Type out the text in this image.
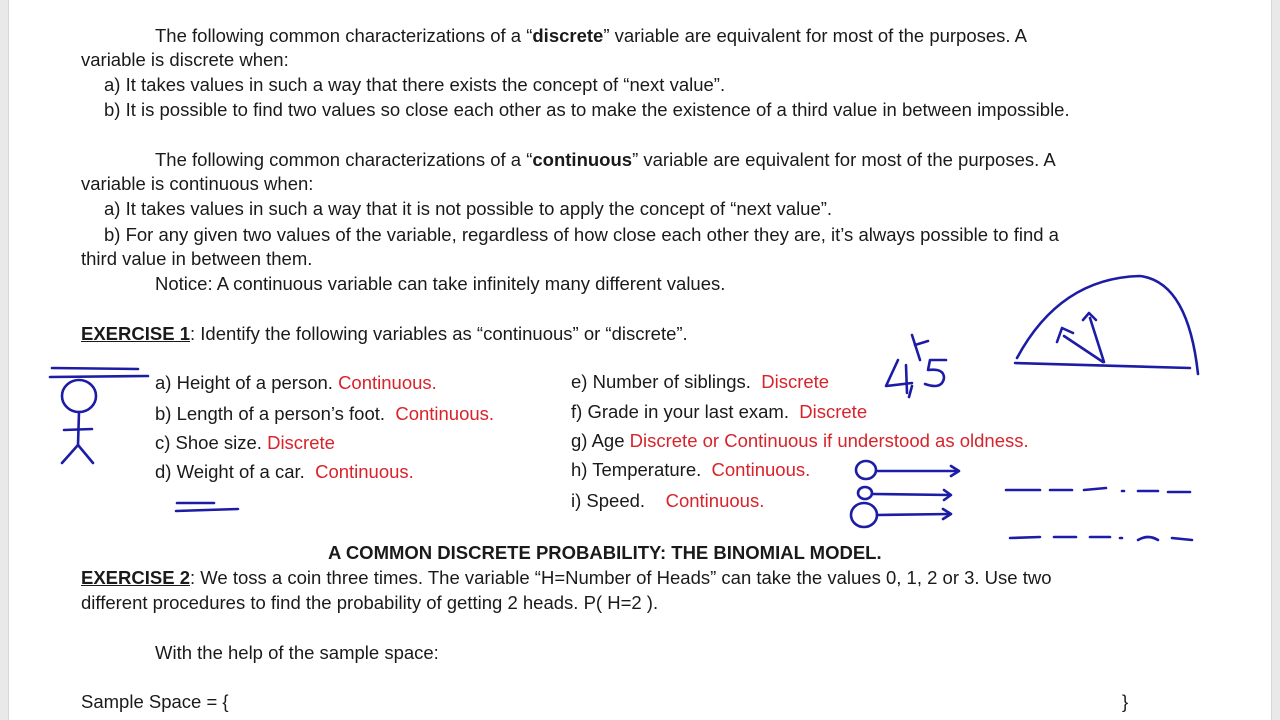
The following common characterizations of a “discrete” variable are equivalent for most of the purposes. A
variable is discrete when:
a) It takes values in such a way that there exists the concept of “next value”.
b) It is possible to find two values so close each other as to make the existence of a third value in between impossible.
The following common characterizations of a “continuous” variable are equivalent for most of the purposes. A
variable is continuous when:
a) It takes values in such a way that it is not possible to apply the concept of “next value”.
b) For any given two values of the variable, regardless of how close each other they are, it’s always possible to find a
third value in between them.
Notice: A continuous variable can take infinitely many different values.
EXERCISE 1: Identify the following variables as “continuous” or “discrete”.
a) Height of a person. Continuous.
b) Length of a person’s foot. Continuous.
c) Shoe size. Discrete
d) Weight of a car. Continuous.
e) Number of siblings. Discrete
f) Grade in your last exam. Discrete
g) Age Discrete or Continuous if understood as oldness.
h) Temperature. Continuous.
i) Speed. Continuous.
A COMMON DISCRETE PROBABILITY: THE BINOMIAL MODEL.
EXERCISE 2: We toss a coin three times. The variable “H=Number of Heads” can take the values 0, 1, 2 or 3. Use two
different procedures to find the probability of getting 2 heads. P( H=2 ).
With the help of the sample space:
Sample Space = {	}
